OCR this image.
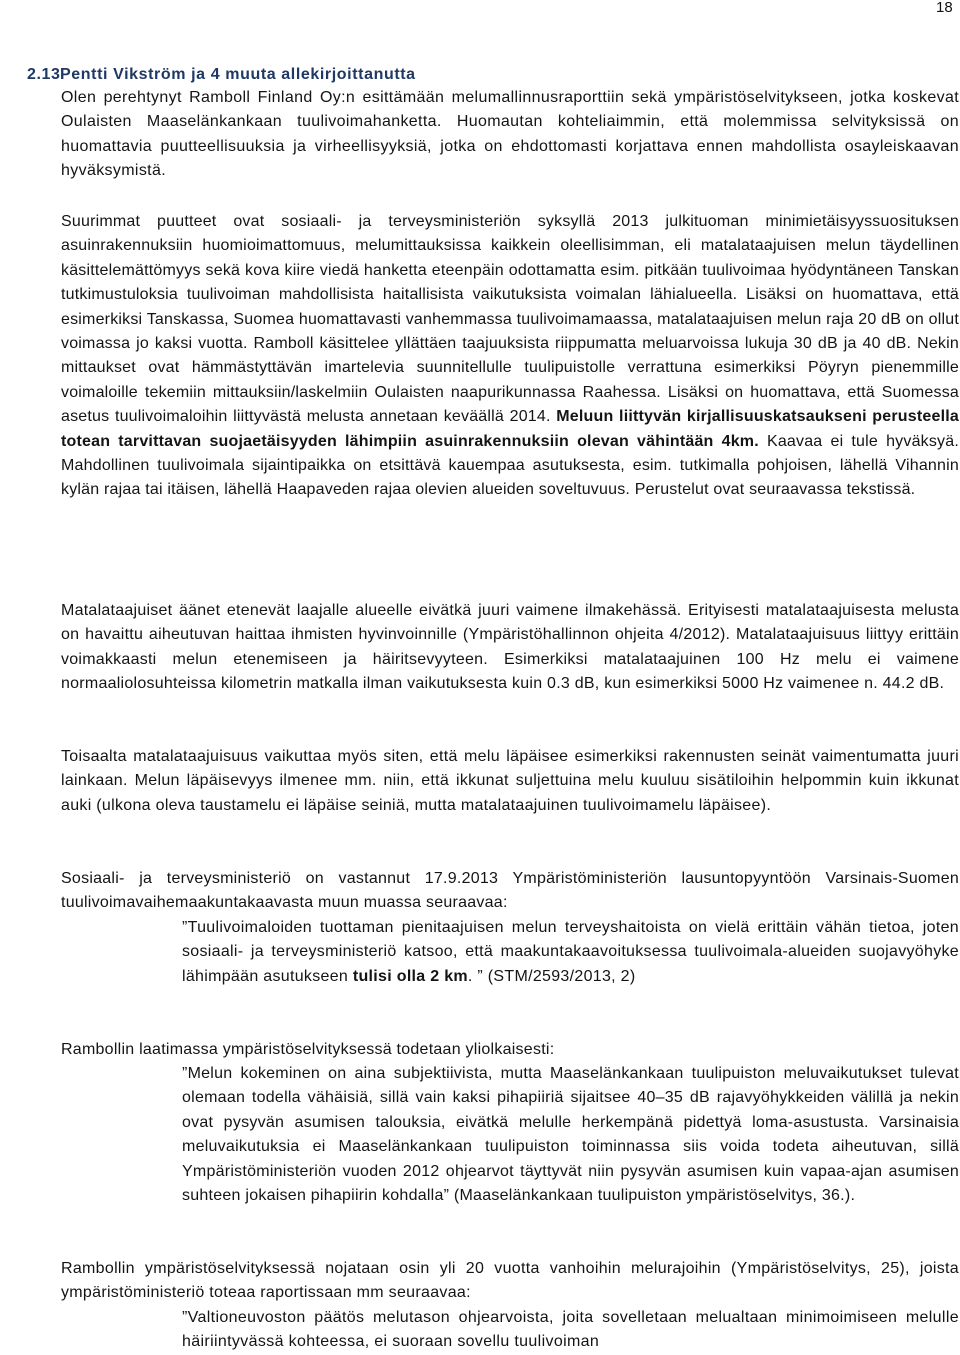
18
2.13Pentti Vikström ja 4 muuta allekirjoittanutta

Olen perehtynyt Ramboll Finland Oy:n esittämään melumallinnusraporttiin sekä ympäristöselvitykseen, jotka koskevat Oulaisten Maaselänkankaan tuulivoimahanketta. Huomautan kohteliaimmin, että molemmissa selvityksissä on huomattavia puutteellisuuksia ja virheellisyyksiä, jotka on ehdottomasti korjattava ennen mahdollista osayleiskaavan hyväksymistä.

Suurimmat puutteet ovat sosiaali- ja terveysministeriön syksyllä 2013 julkituoman minimietäisyyssuosituksen asuinrakennuksiin huomioimattomuus, melumittauksissa kaikkein oleellisimman, eli matalataajuisen melun täydellinen käsittelemättömyys sekä kova kiire viedä hanketta eteenpäin odottamatta esim. pitkään tuulivoimaa hyödyntäneen Tanskan tutkimustuloksia tuulivoiman mahdollisista haitallisista vaikutuksista voimalan lähialueella. Lisäksi on huomattava, että esimerkiksi Tanskassa, Suomea huomattavasti vanhemmassa tuulivoimamaassa, matalataajuisen melun raja 20 dB on ollut voimassa jo kaksi vuotta. Ramboll käsittelee yllättäen taajuuksista riippumatta meluarvoissa lukuja 30 dB ja 40 dB. Nekin mittaukset ovat hämmästyttävän imartelevia suunnitellulle tuulipuistolle verrattuna esimerkiksi Pöyryn pienemmille voimaloille tekemiin mittauksiin/laskelmiin Oulaisten naapurikunnassa Raahessa. Lisäksi on huomattava, että Suomessa asetus tuulivoimaloihin liittyvästä melusta annetaan keväällä 2014. Meluun liittyvän kirjallisuuskatsaukseni perusteella totean tarvittavan suojaetäisyyden lähimpiin asuinrakennuksiin olevan vähintään 4km. Kaavaa ei tule hyväksyä. Mahdollinen tuulivoimala sijaintipaikka on etsittävä kauempaa asutuksesta, esim. tutkimalla pohjoisen, lähellä Vihannin kylän rajaa tai itäisen, lähellä Haapaveden rajaa olevien alueiden soveltuvuus. Perustelut ovat seuraavassa tekstissä.

Matalataajuiset äänet etenevät laajalle alueelle eivätkä juuri vaimene ilmakehässä. Erityisesti matalataajuisesta melusta on havaittu aiheutuvan haittaa ihmisten hyvinvoinnille (Ympäristöhallinnon ohjeita 4/2012). Matalataajuisuus liittyy erittäin voimakkaasti melun etenemiseen ja häiritsevyyteen. Esimerkiksi matalataajuinen 100 Hz melu ei vaimene normaaliolosuhteissa kilometrin matkalla ilman vaikutuksesta kuin 0.3 dB, kun esimerkiksi 5000 Hz vaimenee n. 44.2 dB.

Toisaalta matalataajuisuus vaikuttaa myös siten, että melu läpäisee esimerkiksi rakennusten seinät vaimentumatta juuri lainkaan. Melun läpäisevyys ilmenee mm. niin, että ikkunat suljettuina melu kuuluu sisätiloihin helpommin kuin ikkunat auki (ulkona oleva taustamelu ei läpäise seiniä, mutta matalataajuinen tuulivoimamelu läpäisee).

Sosiaali- ja terveysministeriö on vastannut 17.9.2013 Ympäristöministeriön lausuntopyyntöön Varsinais-Suomen tuulivoimavaihemaakuntakaavasta muun muassa seuraavaa:

”Tuulivoimaloiden tuottaman pienitaajuisen melun terveyshaitoista on vielä erittäin vähän tietoa, joten sosiaali- ja terveysministeriö katsoo, että maakuntakaavoituksessa tuulivoimala-alueiden suojavyöhyke lähimpään asutukseen tulisi olla 2 km. ” (STM/2593/2013, 2)

Rambollin laatimassa ympäristöselvityksessä todetaan yliolkaisesti:

”Melun kokeminen on aina subjektiivista, mutta Maaselänkankaan tuulipuiston meluvaikutukset tulevat olemaan todella vähäisiä, sillä vain kaksi pihapiiriä sijaitsee 40–35 dB rajavyöhykkeiden välillä ja nekin ovat pysyvän asumisen talouksia, eivätkä melulle herkempänä pidettyä loma-asustusta. Varsinaisia meluvaikutuksia ei Maaselänkankaan tuulipuiston toiminnassa siis voida todeta aiheutuvan, sillä Ympäristöministeriön vuoden 2012 ohjearvot täyttyvät niin pysyvän asumisen kuin vapaa-ajan asumisen suhteen jokaisen pihapiirin kohdalla” (Maaselänkankaan tuulipuiston ympäristöselvitys, 36.).

Rambollin ympäristöselvityksessä nojataan osin yli 20 vuotta vanhoihin melurajoihin (Ympäristöselvitys, 25), joista ympäristöministeriö toteaa raportissaan mm seuraavaa:

”Valtioneuvoston päätös melutason ohjearvoista, joita sovelletaan melualtaan minimoimiseen melulle häiriintyvässä kohteessa, ei suoraan sovellu tuulivoiman
